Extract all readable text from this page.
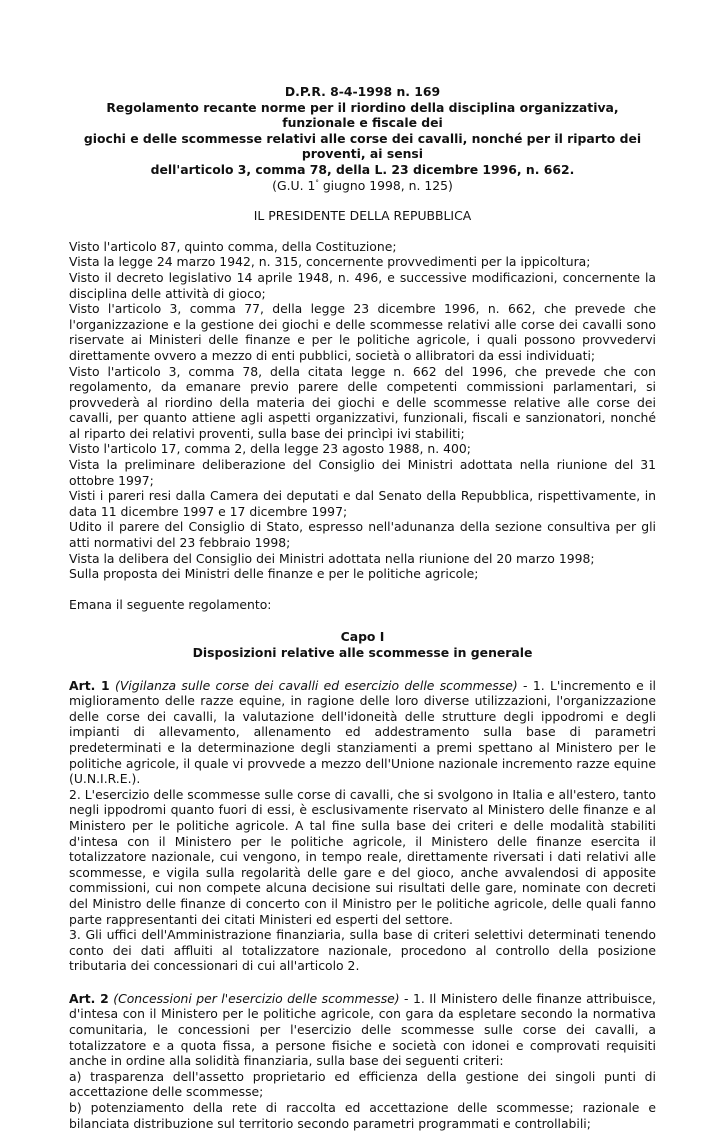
D.P.R. 8-4-1998 n. 169

Regolamento recante norme per il riordino della disciplina organizzativa, funzionale e fiscale dei

giochi e delle scommesse relativi alle corse dei cavalli, nonché per il riparto dei proventi, ai sensi

dell'articolo 3, comma 78, della L. 23 dicembre 1996, n. 662.

(G.U. 1° giugno 1998, n. 125)

IL PRESIDENTE DELLA REPUBBLICA

Visto l'articolo 87, quinto comma, della Costituzione;

Vista la legge 24 marzo 1942, n. 315, concernente provvedimenti per la ippicoltura;

Visto il decreto legislativo 14 aprile 1948, n. 496, e successive modificazioni, concernente la disciplina delle attività di gioco;

Visto l'articolo 3, comma 77, della legge 23 dicembre 1996, n. 662, che prevede che l'organizzazione e la gestione dei giochi e delle scommesse relativi alle corse dei cavalli sono riservate ai Ministeri delle finanze e per le politiche agricole, i quali possono provvedervi direttamente ovvero a mezzo di enti pubblici, società o allibratori da essi individuati;

Visto l'articolo 3, comma 78, della citata legge n. 662 del 1996, che prevede che con regolamento, da emanare previo parere delle competenti commissioni parlamentari, si provvederà al riordino della materia dei giochi e delle scommesse relative alle corse dei cavalli, per quanto attiene agli aspetti organizzativi, funzionali, fiscali e sanzionatori, nonché al riparto dei relativi proventi, sulla base dei princìpi ivi stabiliti;

Visto l'articolo 17, comma 2, della legge 23 agosto 1988, n. 400;

Vista la preliminare deliberazione del Consiglio dei Ministri adottata nella riunione del 31 ottobre 1997;

Visti i pareri resi dalla Camera dei deputati e dal Senato della Repubblica, rispettivamente, in data 11 dicembre 1997 e 17 dicembre 1997;

Udito il parere del Consiglio di Stato, espresso nell'adunanza della sezione consultiva per gli atti normativi del 23 febbraio 1998;

Vista la delibera del Consiglio dei Ministri adottata nella riunione del 20 marzo 1998;

Sulla proposta dei Ministri delle finanze e per le politiche agricole;

Emana il seguente regolamento:

Capo I

Disposizioni relative alle scommesse in generale

Art. 1 (Vigilanza sulle corse dei cavalli ed esercizio delle scommesse) - 1. L'incremento e il miglioramento delle razze equine, in ragione delle loro diverse utilizzazioni, l'organizzazione delle corse dei cavalli, la valutazione dell'idoneità delle strutture degli ippodromi e degli impianti di allevamento, allenamento ed addestramento sulla base di parametri predeterminati e la determinazione degli stanziamenti a premi spettano al Ministero per le politiche agricole, il quale vi provvede a mezzo dell'Unione nazionale incremento razze equine (U.N.I.R.E.).

2. L'esercizio delle scommesse sulle corse di cavalli, che si svolgono in Italia e all'estero, tanto negli ippodromi quanto fuori di essi, è esclusivamente riservato al Ministero delle finanze e al Ministero per le politiche agricole. A tal fine sulla base dei criteri e delle modalità stabiliti d'intesa con il Ministero per le politiche agricole, il Ministero delle finanze esercita il totalizzatore nazionale, cui vengono, in tempo reale, direttamente riversati i dati relativi alle scommesse, e vigila sulla regolarità delle gare e del gioco, anche avvalendosi di apposite commissioni, cui non compete alcuna decisione sui risultati delle gare, nominate con decreti del Ministro delle finanze di concerto con il Ministro per le politiche agricole, delle quali fanno parte rappresentanti dei citati Ministeri ed esperti del settore.

3. Gli uffici dell'Amministrazione finanziaria, sulla base di criteri selettivi determinati tenendo conto dei dati affluiti al totalizzatore nazionale, procedono al controllo della posizione tributaria dei concessionari di cui all'articolo 2.

Art. 2 (Concessioni per l'esercizio delle scommesse) - 1. Il Ministero delle finanze attribuisce, d'intesa con il Ministero per le politiche agricole, con gara da espletare secondo la normativa comunitaria, le concessioni per l'esercizio delle scommesse sulle corse dei cavalli, a totalizzatore e a quota fissa, a persone fisiche e società con idonei e comprovati requisiti anche in ordine alla solidità finanziaria, sulla base dei seguenti criteri:

a) trasparenza dell'assetto proprietario ed efficienza della gestione dei singoli punti di accettazione delle scommesse;

b) potenziamento della rete di raccolta ed accettazione delle scommesse; razionale e bilanciata distribuzione sul territorio secondo parametri programmati e controllabili;
